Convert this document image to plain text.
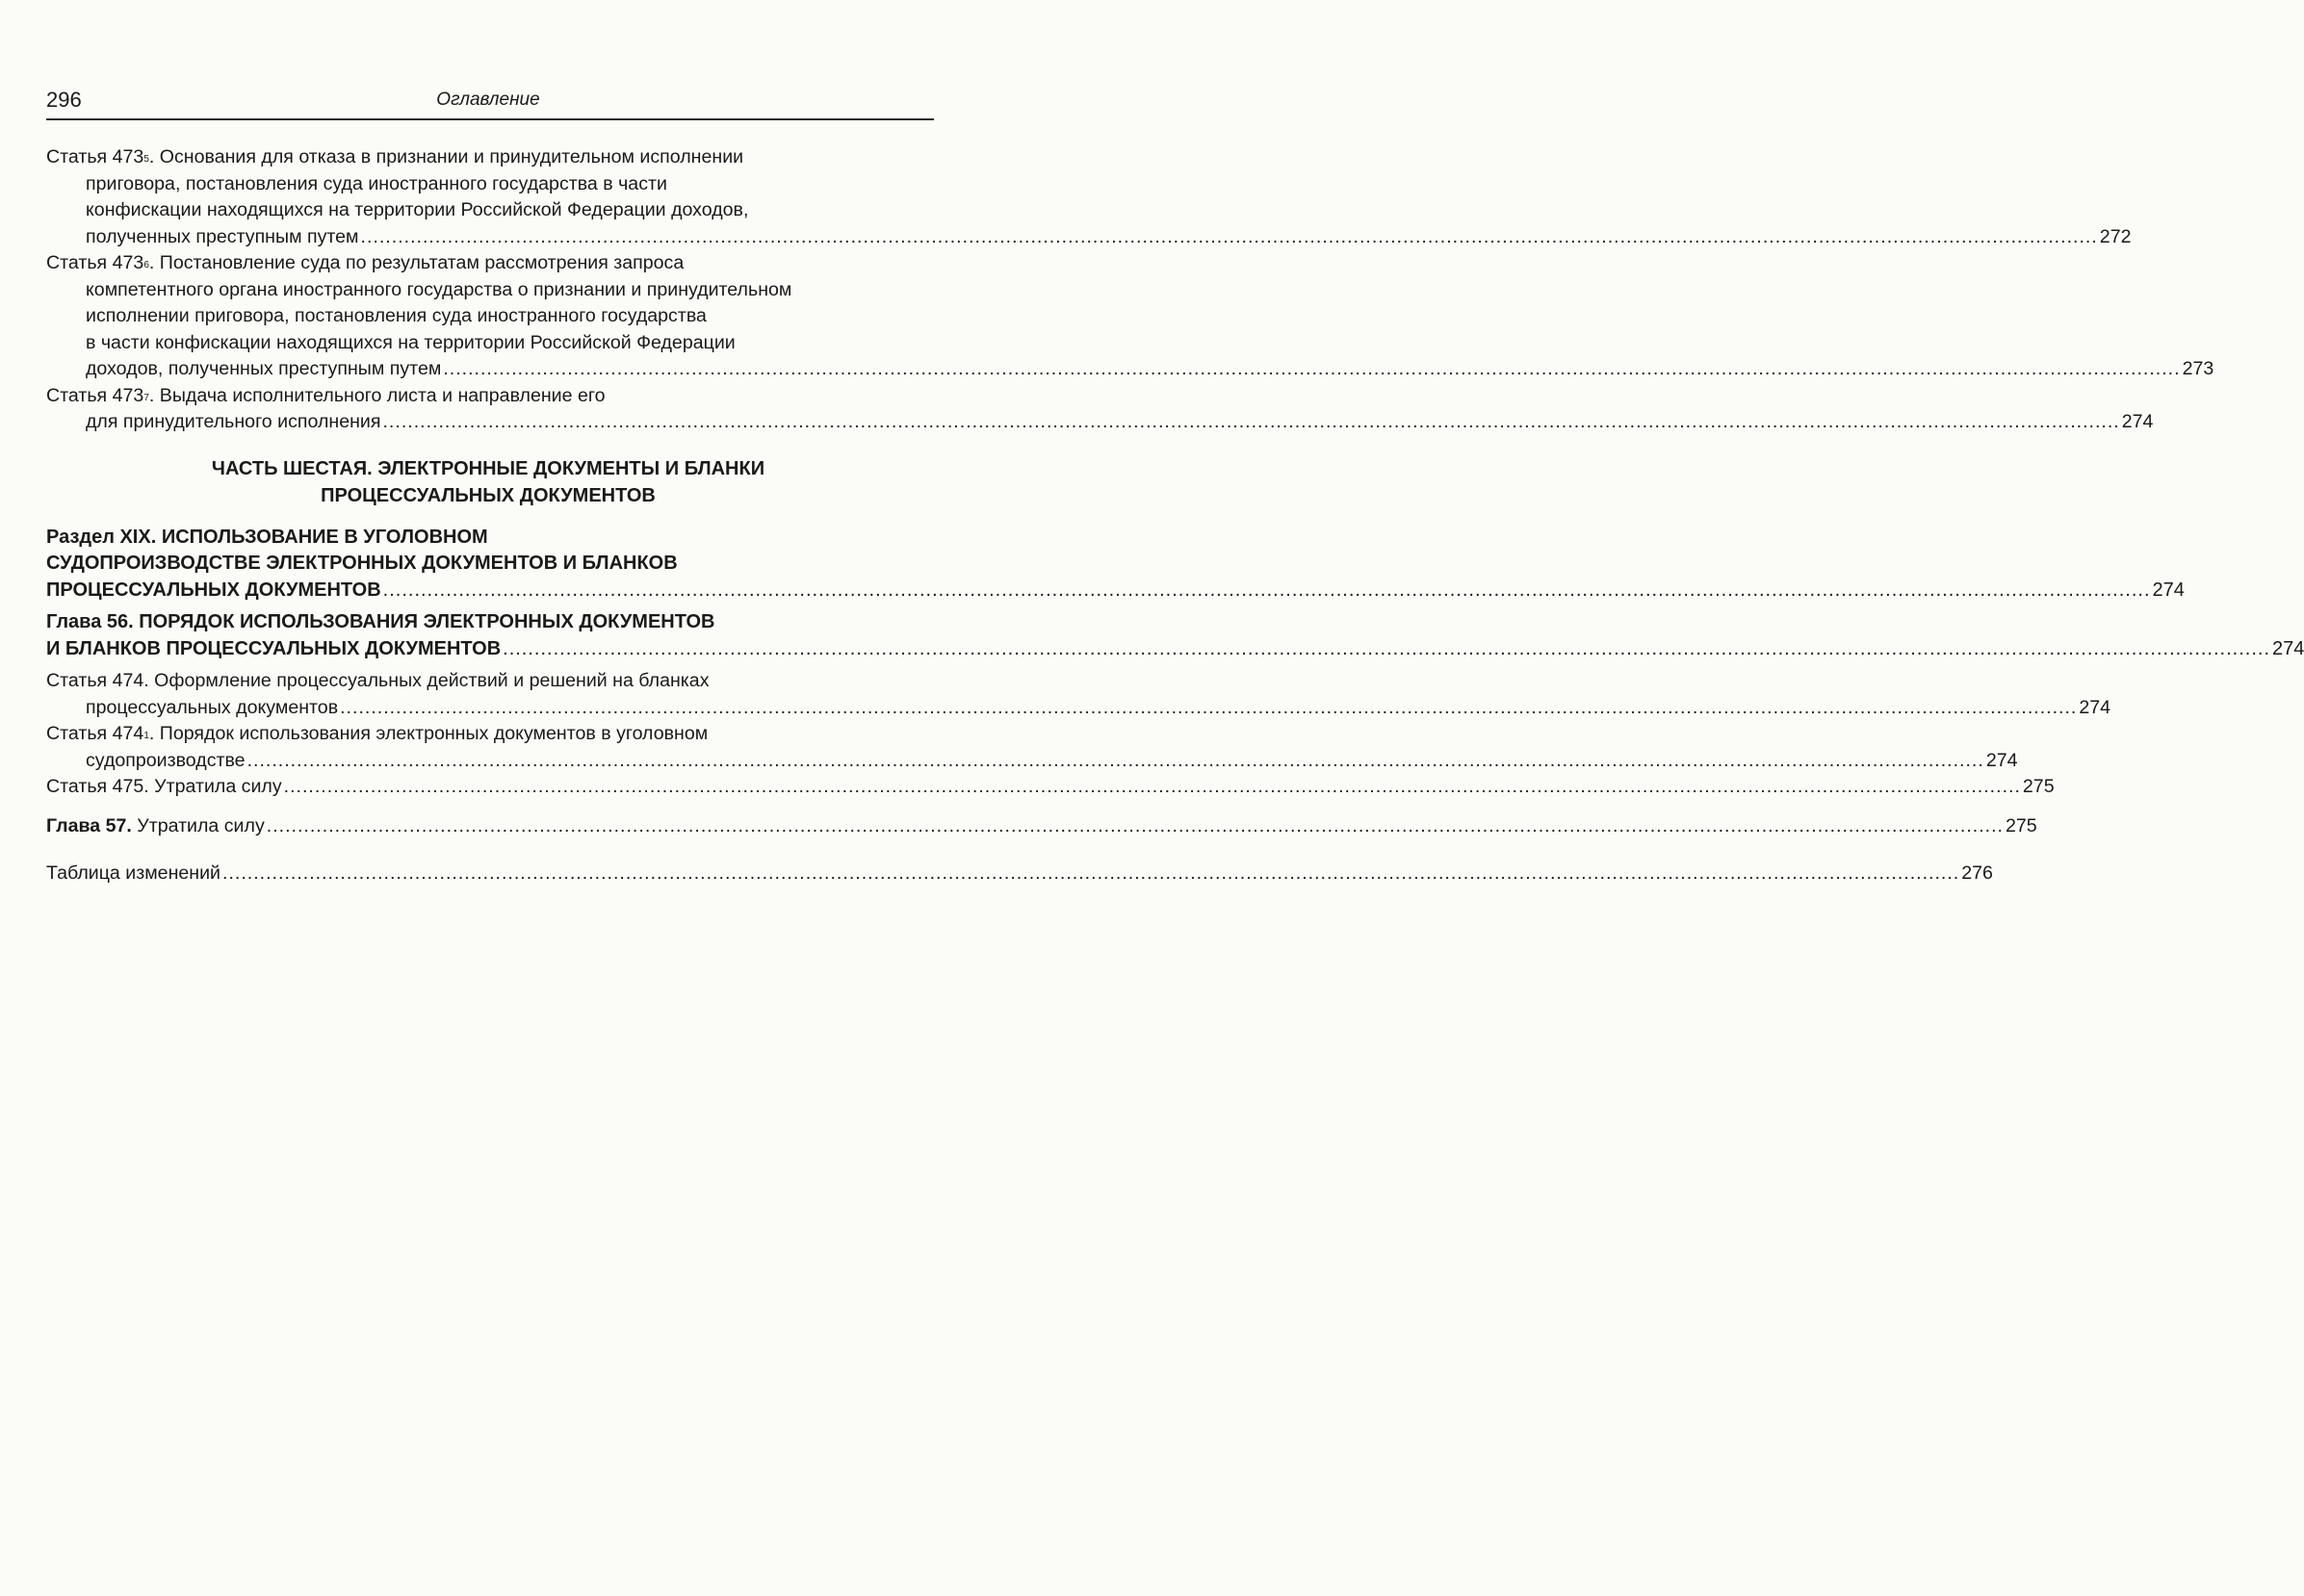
296	Оглавление
Статья $473^5$. Основания для отказа в признании и принудительном исполнении
приговора, постановления суда иностранного государства в части
конфискации находящихся на территории Российской Федерации доходов,
полученных преступным путем .....	272
Статья $473^6$. Постановление суда по результатам рассмотрения запроса
компетентного органа иностранного государства о признании и принудительном
исполнении приговора, постановления суда иностранного государства
в части конфискации находящихся на территории Российской Федерации
доходов, полученных преступным путем .....	273
Статья $473^7$. Выдача исполнительного листа и направление его
для принудительного исполнения .....	274
ЧАСТЬ ШЕСТАЯ. ЭЛЕКТРОННЫЕ ДОКУМЕНТЫ И БЛАНКИ
ПРОЦЕССУАЛЬНЫХ ДОКУМЕНТОВ
Раздел XIX. ИСПОЛЬЗОВАНИЕ В УГОЛОВНОМ
СУДОПРОИЗВОДСТВЕ ЭЛЕКТРОННЫХ ДОКУМЕНТОВ И БЛАНКОВ
ПРОЦЕССУАЛЬНЫХ ДОКУМЕНТОВ .....	274
Глава 56. ПОРЯДОК ИСПОЛЬЗОВАНИЯ ЭЛЕКТРОННЫХ ДОКУМЕНТОВ
И БЛАНКОВ ПРОЦЕССУАЛЬНЫХ ДОКУМЕНТОВ .....	274
Статья 474. Оформление процессуальных действий и решений на бланках
процессуальных документов .....	274
Статья $474^1$. Порядок использования электронных документов в уголовном
судопроизводстве .....	274
Статья 475. Утратила силу .....	275
Глава 57. Утратила силу .....	275
Таблица изменений .....	276
